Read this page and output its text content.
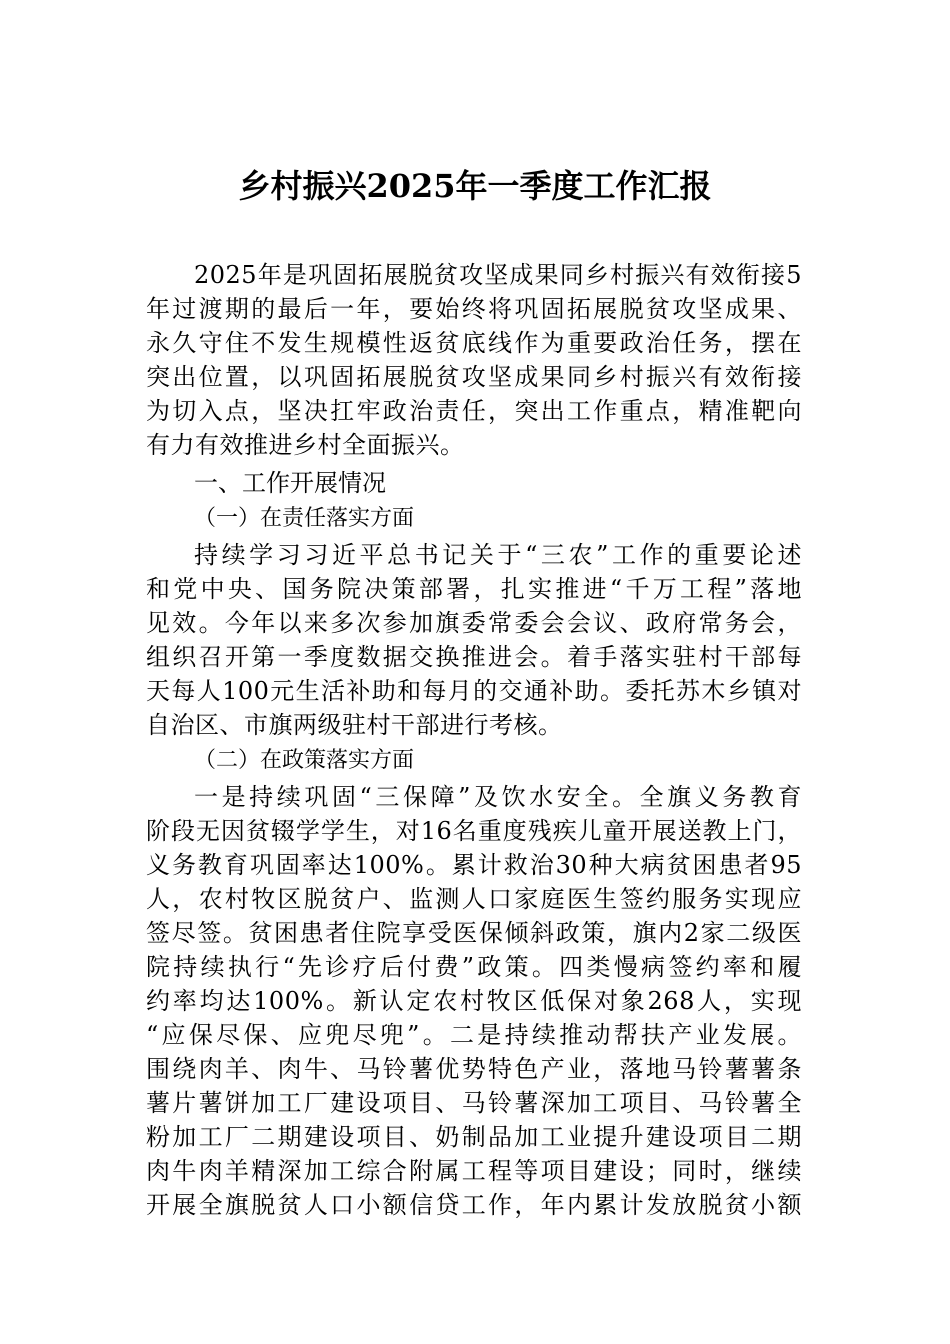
乡村振兴2025年一季度工作汇报
2025年是巩固拓展脱贫攻坚成果同乡村振兴有效衔接5
年过渡期的最后一年，要始终将巩固拓展脱贫攻坚成果、
永久守住不发生规模性返贫底线作为重要政治任务，摆在
突出位置，以巩固拓展脱贫攻坚成果同乡村振兴有效衔接
为切入点，坚决扛牢政治责任，突出工作重点，精准靶向
有力有效推进乡村全面振兴。
一、工作开展情况
（一）在责任落实方面
持续学习习近平总书记关于“三农”工作的重要论述
和党中央、国务院决策部署，扎实推进“千万工程”落地
见效。今年以来多次参加旗委常委会会议、政府常务会，
组织召开第一季度数据交换推进会。着手落实驻村干部每
天每人100元生活补助和每月的交通补助。委托苏木乡镇对
自治区、市旗两级驻村干部进行考核。
（二）在政策落实方面
一是持续巩固“三保障”及饮水安全。全旗义务教育
阶段无因贫辍学学生，对16名重度残疾儿童开展送教上门，
义务教育巩固率达100%。累计救治30种大病贫困患者95
人，农村牧区脱贫户、监测人口家庭医生签约服务实现应
签尽签。贫困患者住院享受医保倾斜政策，旗内2家二级医
院持续执行“先诊疗后付费”政策。四类慢病签约率和履
约率均达100%。新认定农村牧区低保对象268人，实现
“应保尽保、应兜尽兜”。二是持续推动帮扶产业发展。
围绕肉羊、肉牛、马铃薯优势特色产业，落地马铃薯薯条
薯片薯饼加工厂建设项目、马铃薯深加工项目、马铃薯全
粉加工厂二期建设项目、奶制品加工业提升建设项目二期
肉牛肉羊精深加工综合附属工程等项目建设；同时，继续
开展全旗脱贫人口小额信贷工作，年内累计发放脱贫小额
